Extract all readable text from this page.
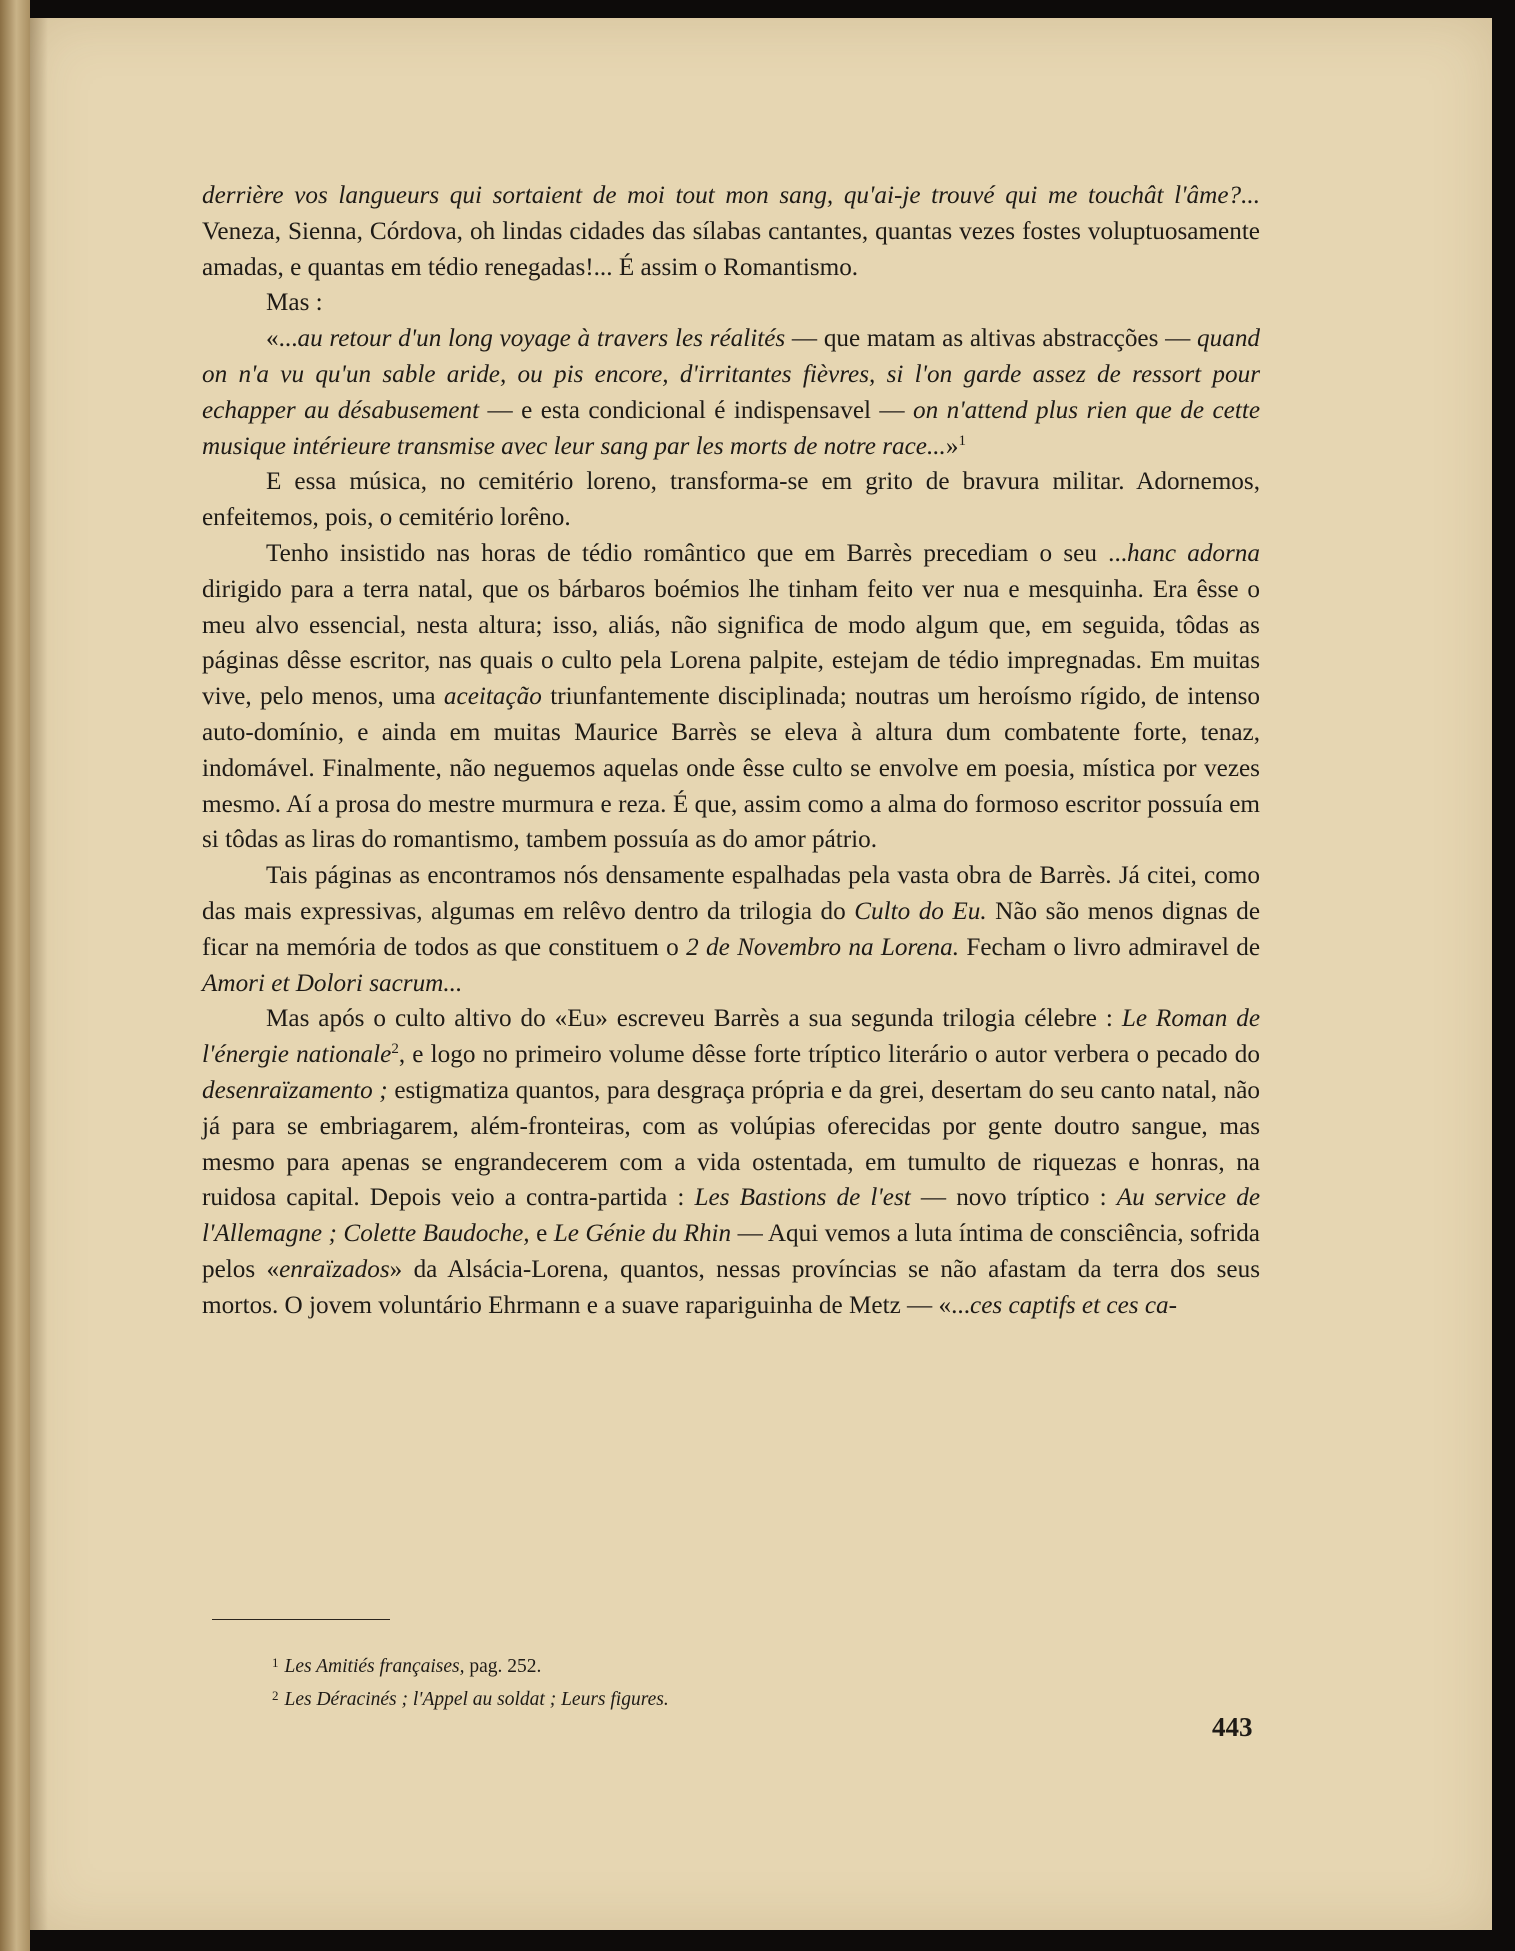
derrière vos langueurs qui sortaient de moi tout mon sang, qu'ai-je trouvé qui me touchât l'âme?... Veneza, Sienna, Córdova, oh lindas cidades das sílabas cantantes, quantas vezes fostes voluptuosamente amadas, e quantas em tédio renegadas!... É assim o Romantismo.

Mas :

«...au retour d'un long voyage à travers les réalités — que matam as altivas abstracções — quand on n'a vu qu'un sable aride, ou pis encore, d'irritantes fièvres, si l'on garde assez de ressort pour echapper au désabusement — e esta condicional é indispensavel — on n'attend plus rien que de cette musique intérieure transmise avec leur sang par les morts de notre race...»$^1$

E essa música, no cemitério loreno, transforma-se em grito de bravura militar. Adornemos, enfeitemos, pois, o cemitério lorêno.

Tenho insistido nas horas de tédio romântico que em Barrès precediam o seu ...hanc adorna dirigido para a terra natal, que os bárbaros boémios lhe tinham feito ver nua e mesquinha. Era êsse o meu alvo essencial, nesta altura; isso, aliás, não significa de modo algum que, em seguida, tôdas as páginas dêsse escritor, nas quais o culto pela Lorena palpite, estejam de tédio impregnadas. Em muitas vive, pelo menos, uma aceitação triunfantemente disciplinada; noutras um heroísmo rígido, de intenso auto-domínio, e ainda em muitas Maurice Barrès se eleva à altura dum combatente forte, tenaz, indomável. Finalmente, não neguemos aquelas onde êsse culto se envolve em poesia, mística por vezes mesmo. Aí a prosa do mestre murmura e reza. É que, assim como a alma do formoso escritor possuía em si tôdas as liras do romantismo, tambem possuía as do amor pátrio.

Tais páginas as encontramos nós densamente espalhadas pela vasta obra de Barrès. Já citei, como das mais expressivas, algumas em relêvo dentro da trilogia do Culto do Eu. Não são menos dignas de ficar na memória de todos as que constituem o 2 de Novembro na Lorena. Fecham o livro admiravel de Amori et Dolori sacrum...

Mas após o culto altivo do «Eu» escreveu Barrès a sua segunda trilogia célebre : Le Roman de l'énergie nationale$^2$, e logo no primeiro volume dêsse forte tríptico literário o autor verbera o pecado do desenraïzamento ; estigmatiza quantos, para desgraça própria e da grei, desertam do seu canto natal, não já para se embriagarem, além-fronteiras, com as volúpias oferecidas por gente doutro sangue, mas mesmo para apenas se engrandecerem com a vida ostentada, em tumulto de riquezas e honras, na ruidosa capital. Depois veio a contra-partida : Les Bastions de l'est — novo tríptico : Au service de l'Allemagne ; Colette Baudoche, e Le Génie du Rhin — Aqui vemos a luta íntima de consciência, sofrida pelos «enraïzados» da Alsácia-Lorena, quantos, nessas províncias se não afastam da terra dos seus mortos. O jovem voluntário Ehrmann e a suave rapariguinha de Metz — «...ces captifs et ces ca-

$^1$ Les Amitiés françaises, pag. 252.

$^2$ Les Déracinés ; l'Appel au soldat ; Leurs figures.

443
